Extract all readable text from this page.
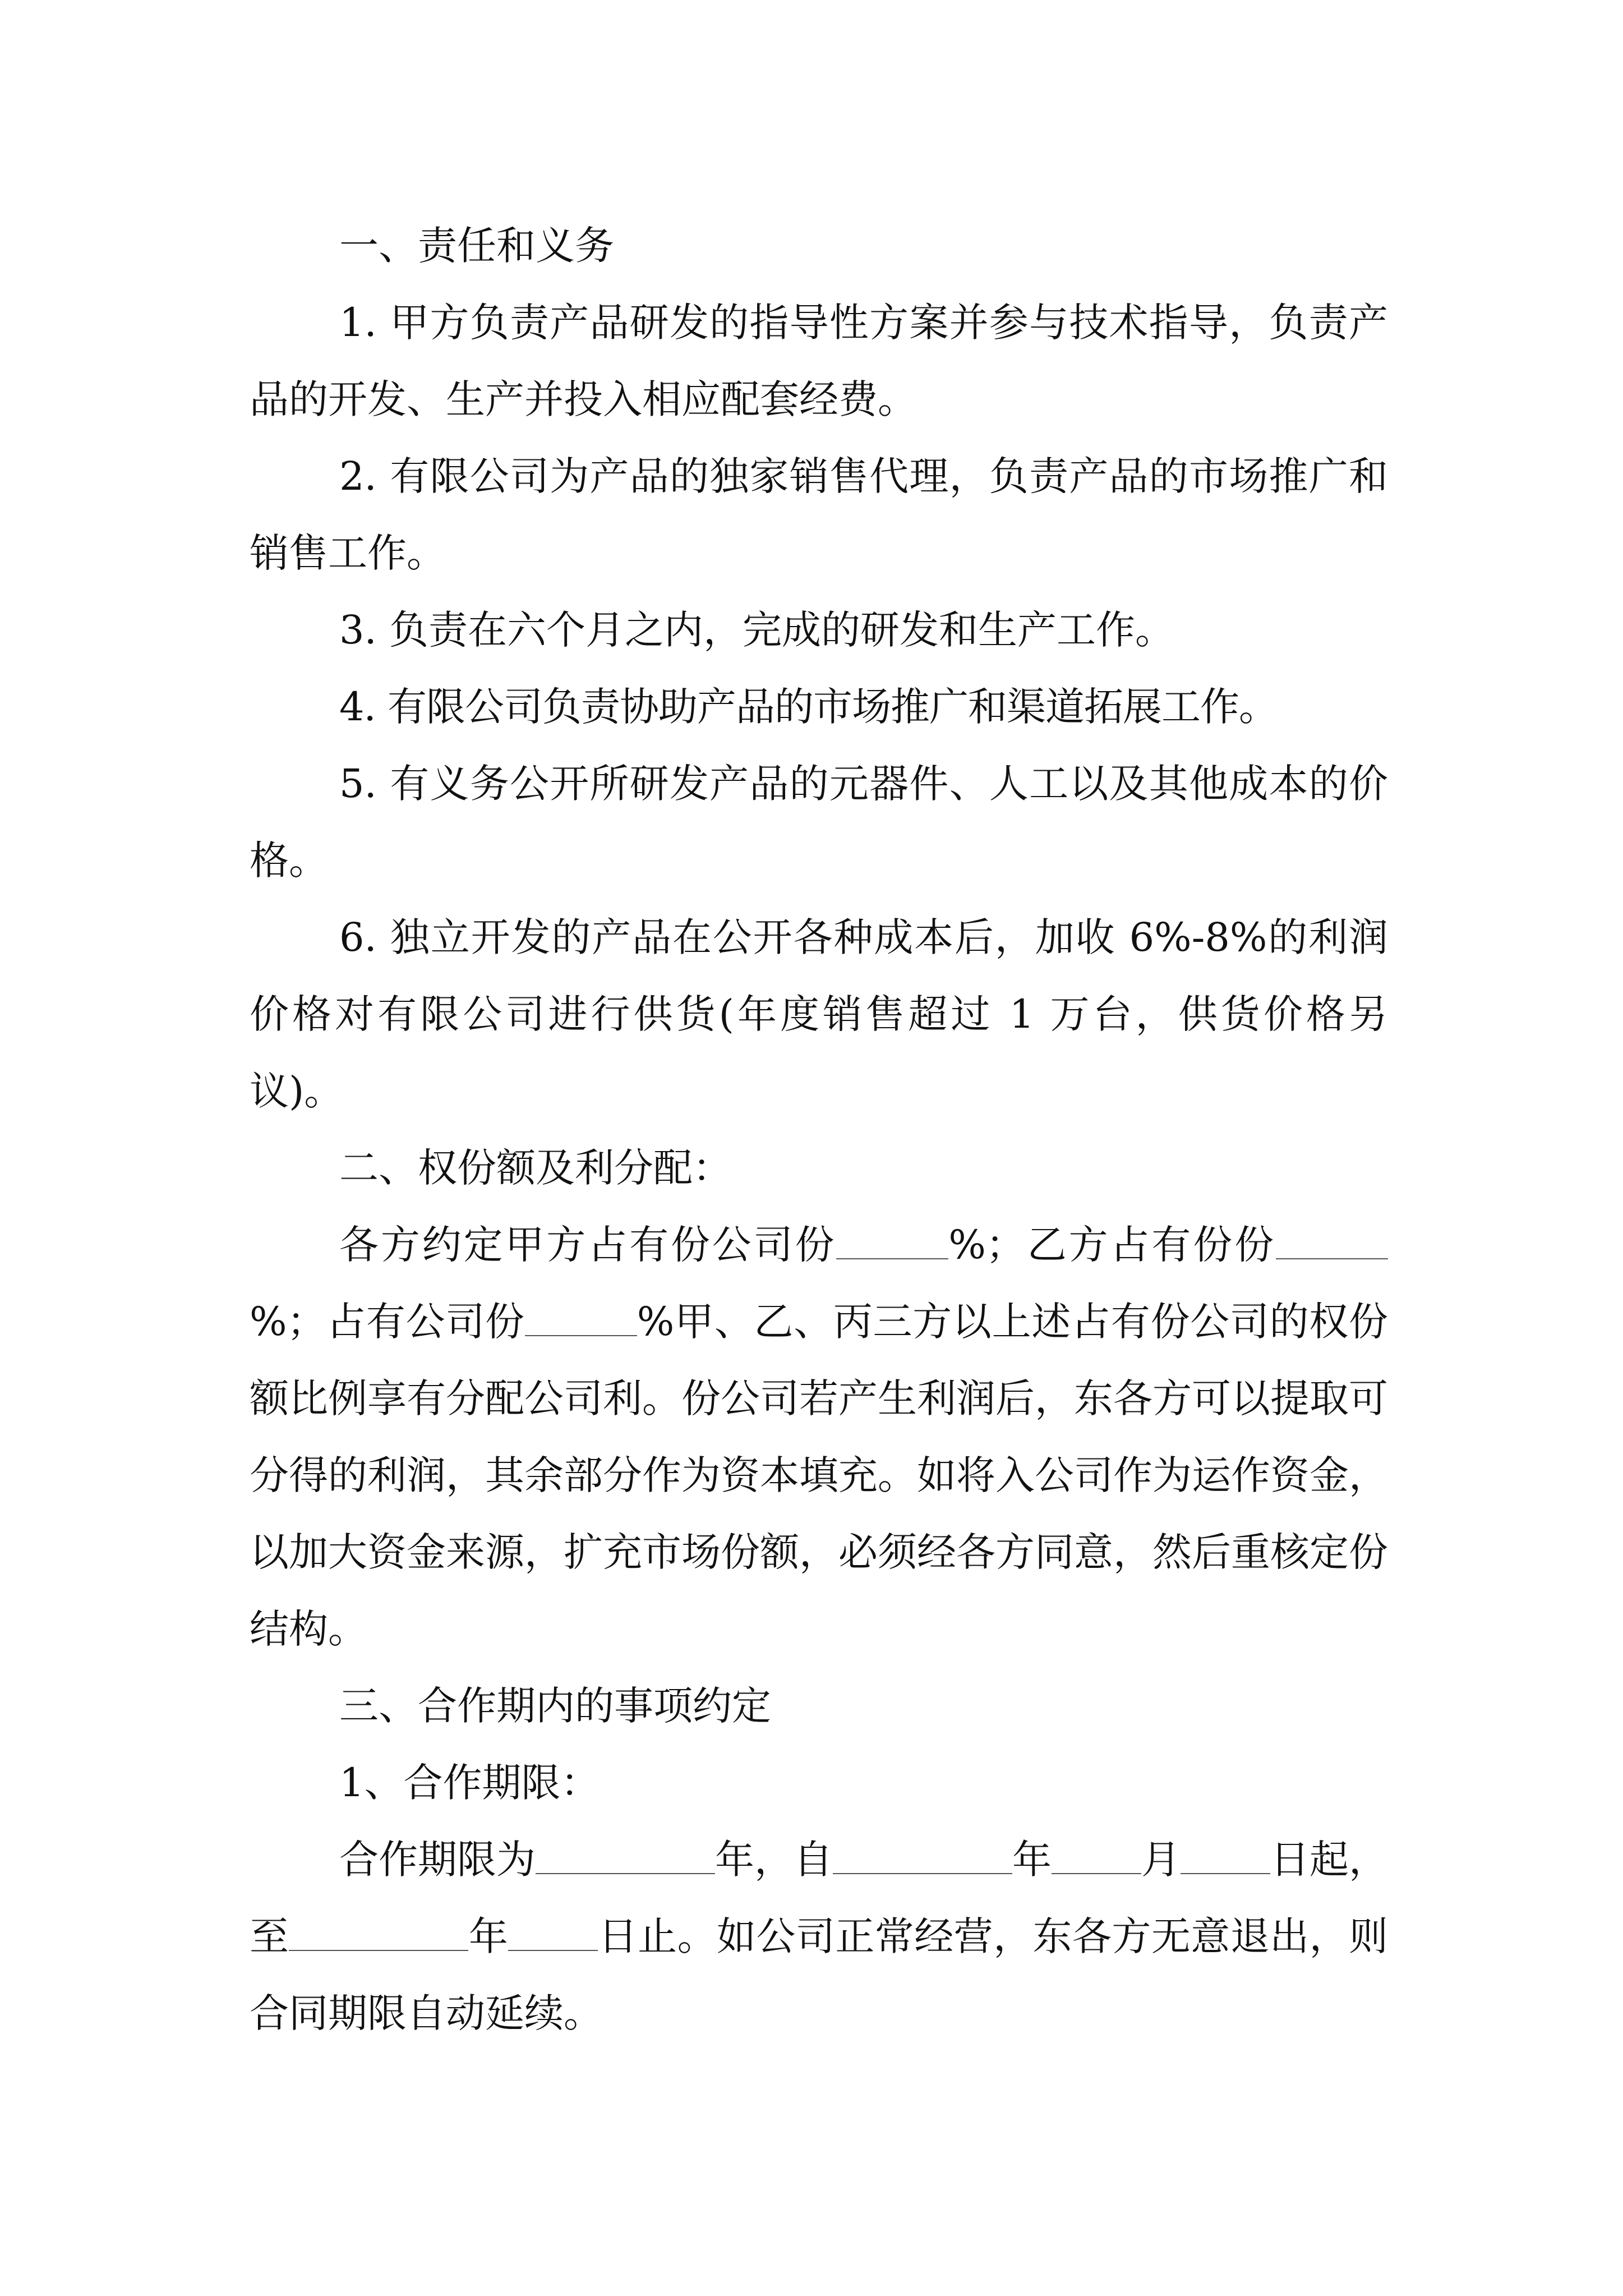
一、责任和义务

1. 甲方负责产品研发的指导性方案并参与技术指导，负责产品的开发、生产并投入相应配套经费。

2. 有限公司为产品的独家销售代理，负责产品的市场推广和销售工作。

3. 负责在六个月之内，完成的研发和生产工作。

4. 有限公司负责协助产品的市场推广和渠道拓展工作。

5. 有义务公开所研发产品的元器件、人工以及其他成本的价格。

6. 独立开发的产品在公开各种成本后，加收 6%-8%的利润价格对有限公司进行供货(年度销售超过 1 万台，供货价格另议)。

二、权份额及利分配：

各方约定甲方占有份公司份	%；乙方占有份份%；占有公司份	%甲、乙、丙三方以上述占有份公司的权份额比例享有分配公司利。份公司若产生利润后，东各方可以提取可分得的利润，其余部分作为资本填充。如将入公司作为运作资金，以加大资金来源，扩充市场份额，必须经各方同意，然后重核定份结构。

三、合作期内的事项约定

1、合作期限：

合作期限为	年，自	年 月 日起，至	年 日止。如公司正常经营，东各方无意退出，则合同期限自动延续。
